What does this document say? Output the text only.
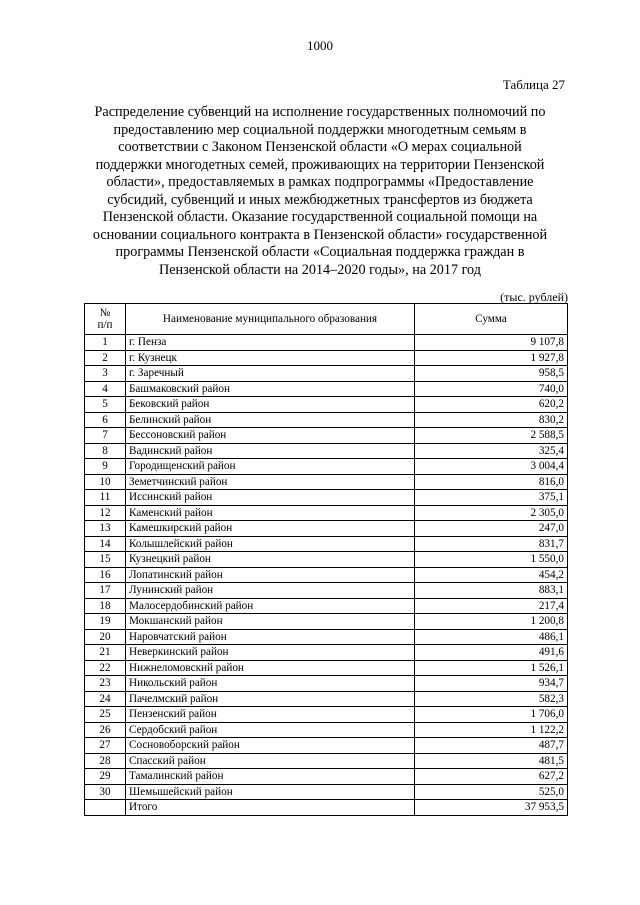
1000
Таблица 27
Распределение субвенций на исполнение государственных полномочий по
предоставлению мер социальной поддержки многодетным семьям в
соответствии с Законом Пензенской области «О мерах социальной
поддержки многодетных семей, проживающих на территории Пензенской
области», предоставляемых в рамках подпрограммы «Предоставление
субсидий, субвенций и иных межбюджетных трансфертов из бюджета
Пензенской области. Оказание государственной социальной помощи на
основании социального контракта в Пензенской области» государственной
программы Пензенской области «Социальная поддержка граждан в
Пензенской области на 2014–2020 годы», на 2017 год
(тыс. рублей)
№
п/п	Наименование муниципального образования	Сумма
1	г. Пенза	9 107,8
2	г. Кузнецк	1 927,8
3	г. Заречный	958,5
4	Башмаковский район	740,0
5	Бековский район	620,2
6	Белинский район	830,2
7	Бессоновский район	2 588,5
8	Вадинский район	325,4
9	Городищенский район	3 004,4
10	Земетчинский район	816,0
11	Иссинский район	375,1
12	Каменский район	2 305,0
13	Камешкирский район	247,0
14	Колышлейский район	831,7
15	Кузнецкий район	1 550,0
16	Лопатинский район	454,2
17	Лунинский район	883,1
18	Малосердобинский район	217,4
19	Мокшанский район	1 200,8
20	Наровчатский район	486,1
21	Неверкинский район	491,6
22	Нижнеломовский район	1 526,1
23	Никольский район	934,7
24	Пачелмский район	582,3
25	Пензенский район	1 706,0
26	Сердобский район	1 122,2
27	Сосновоборский район	487,7
28	Спасский район	481,5
29	Тамалинский район	627,2
30	Шемышейский район	525,0
	Итого	37 953,5
